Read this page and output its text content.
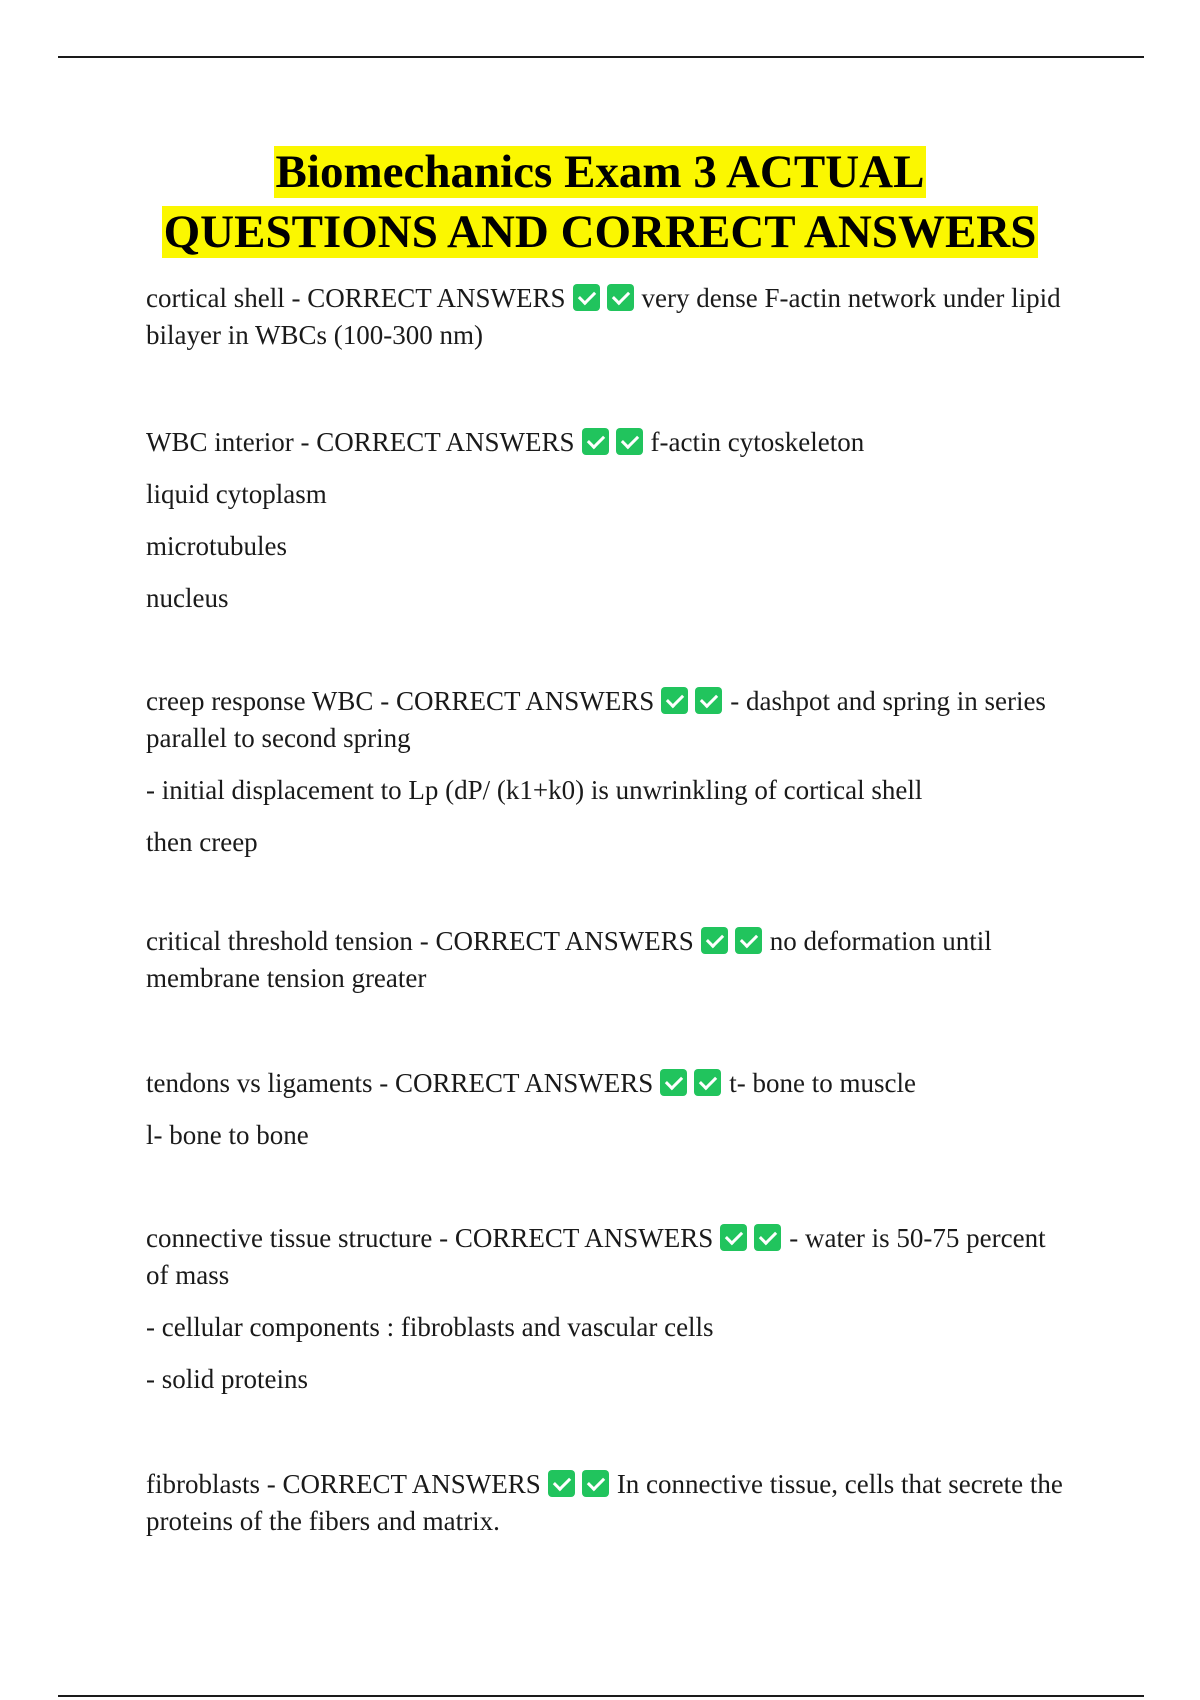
Biomechanics Exam 3 ACTUAL
QUESTIONS AND CORRECT ANSWERS

cortical shell - CORRECT ANSWERS	very dense F-actin network under lipid bilayer in WBCs (100-300 nm)

WBC interior - CORRECT ANSWERS	f-actin cytoskeleton

liquid cytoplasm

microtubules

nucleus

creep response WBC - CORRECT ANSWERS	- dashpot and spring in series parallel to second spring

- initial displacement to Lp (dP/ (k1+k0) is unwrinkling of cortical shell

then creep

critical threshold tension - CORRECT ANSWERS	no deformation until membrane tension greater

tendons vs ligaments - CORRECT ANSWERS	t- bone to muscle

l- bone to bone

connective tissue structure - CORRECT ANSWERS	- water is 50-75 percent of mass

- cellular components : fibroblasts and vascular cells

- solid proteins

fibroblasts - CORRECT ANSWERS	In connective tissue, cells that secrete the proteins of the fibers and matrix.
